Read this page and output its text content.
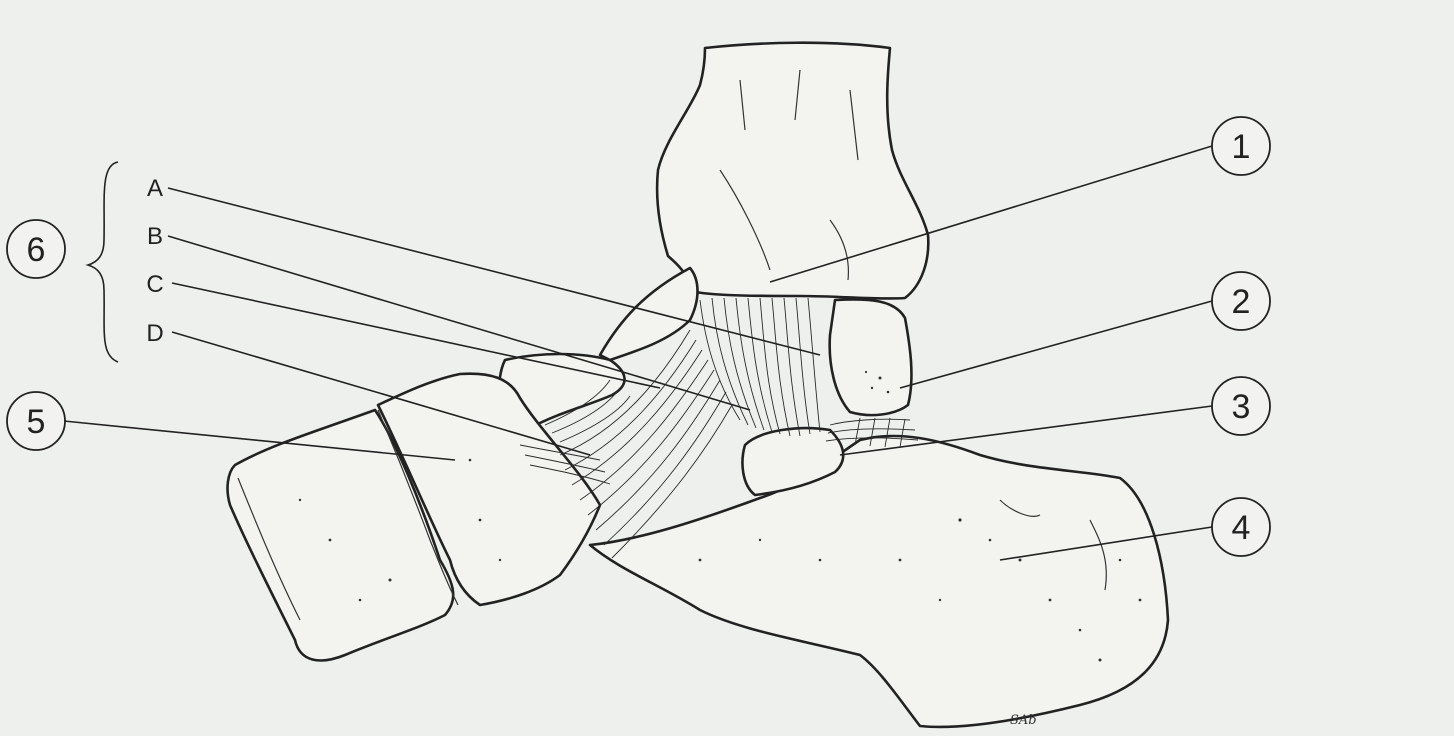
1
2
3
4
5
6
A
B
C
D
SAb
